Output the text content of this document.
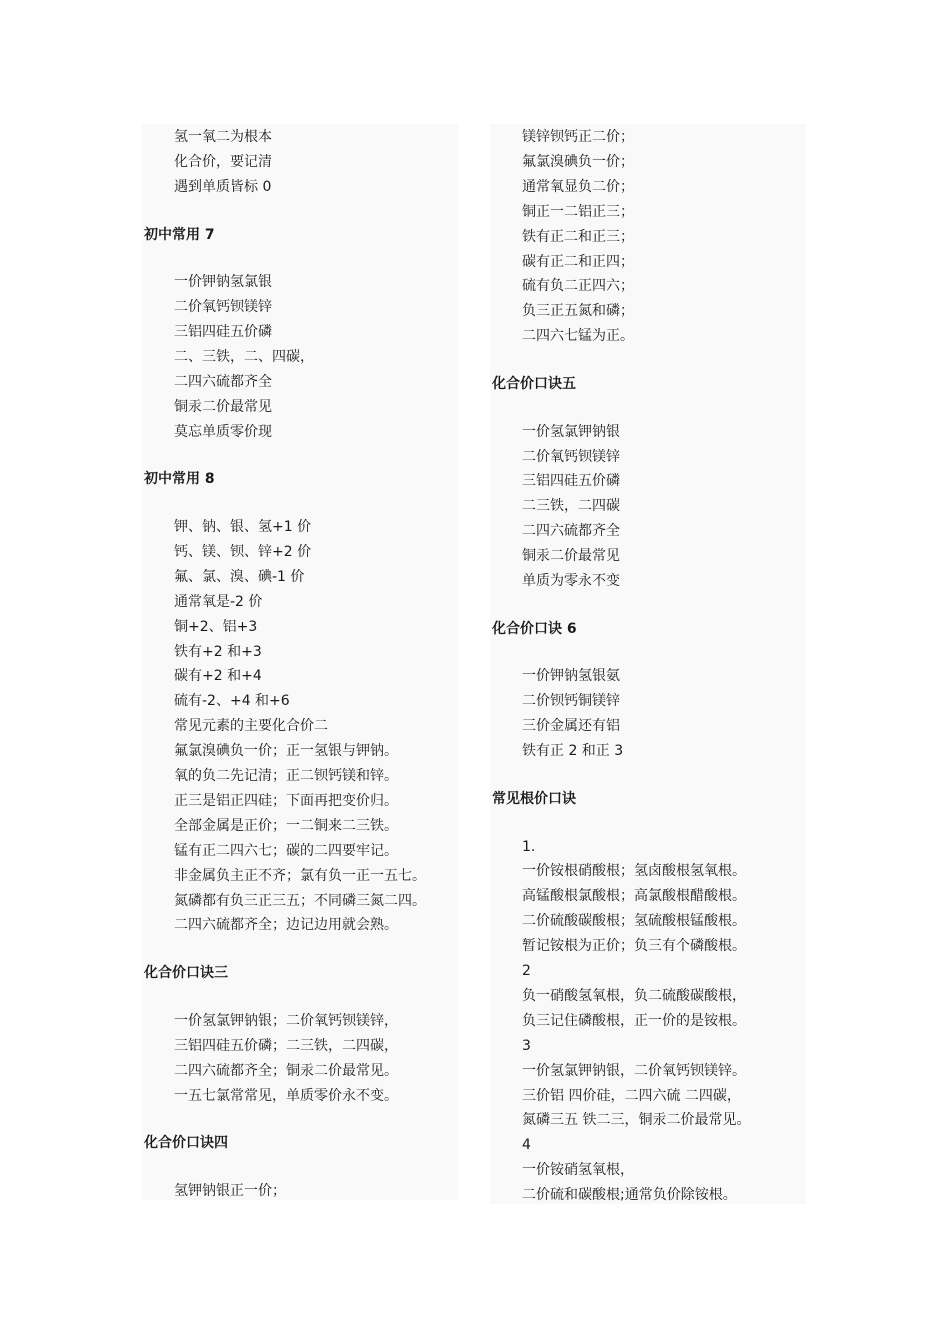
氢一氧二为根本
化合价，要记清
遇到单质皆标 0
初中常用 7
一价钾钠氢氯银
二价氧钙钡镁锌
三铝四硅五价磷
二、三铁，二、四碳，
二四六硫都齐全
铜汞二价最常见
莫忘单质零价现
初中常用 8
钾、钠、银、氢+1 价
钙、镁、钡、锌+2 价
氟、氯、溴、碘-1 价
通常氧是-2 价
铜+2、铝+3
铁有+2 和+3
碳有+2 和+4
硫有-2、+4 和+6
常见元素的主要化合价二
氟氯溴碘负一价；正一氢银与钾钠。
氧的负二先记清；正二钡钙镁和锌。
正三是铝正四硅；下面再把变价归。
全部金属是正价；一二铜来二三铁。
锰有正二四六七；碳的二四要牢记。
非金属负主正不齐；氯有负一正一五七。
氮磷都有负三正三五；不同磷三氮二四。
二四六硫都齐全；边记边用就会熟。
化合价口诀三
一价氢氯钾钠银；二价氧钙钡镁锌，
三铝四硅五价磷；二三铁，二四碳，
二四六硫都齐全；铜汞二价最常见。
一五七氯常常见，单质零价永不变。
化合价口诀四
氢钾钠银正一价；
镁锌钡钙正二价；
氟氯溴碘负一价；
通常氧显负二价；
铜正一二铝正三；
铁有正二和正三；
碳有正二和正四；
硫有负二正四六；
负三正五氮和磷；
二四六七锰为正。
化合价口诀五
一价氢氯钾钠银
二价氧钙钡镁锌
三铝四硅五价磷
二三铁，二四碳
二四六硫都齐全
铜汞二价最常见
单质为零永不变
化合价口诀 6
一价钾钠氢银氨
二价钡钙铜镁锌
三价金属还有铝
铁有正 2 和正 3
常见根价口诀
1.
一价铵根硝酸根；氢卤酸根氢氧根。
高锰酸根氯酸根；高氯酸根醋酸根。
二价硫酸碳酸根；氢硫酸根锰酸根。
暂记铵根为正价；负三有个磷酸根。
2
负一硝酸氢氧根，负二硫酸碳酸根，
负三记住磷酸根，正一价的是铵根。
3
一价氢氯钾钠银，二价氧钙钡镁锌。
三价铝 四价硅，二四六硫 二四碳，
氮磷三五 铁二三，铜汞二价最常见。
4
一价铵硝氢氧根，
二价硫和碳酸根;通常负价除铵根。
